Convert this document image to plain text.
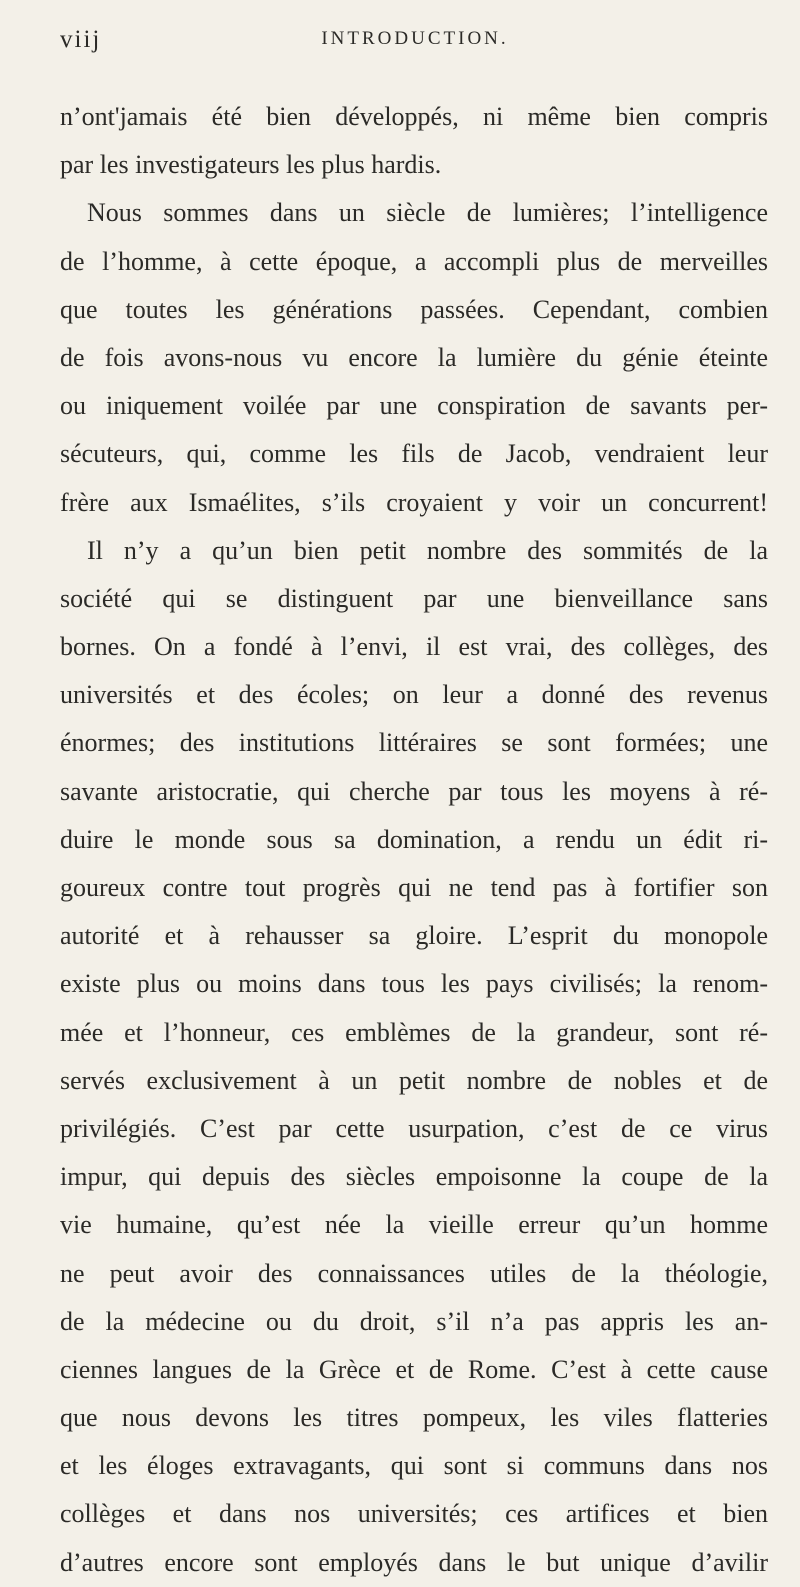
viij	INTRODUCTION.
n’ont'jamais été bien développés, ni même bien compris
par les investigateurs les plus hardis.
Nous sommes dans un siècle de lumières; l’intelligence
de l’homme, à cette époque, a accompli plus de merveilles
que toutes les générations passées. Cependant, combien
de fois avons-nous vu encore la lumière du génie éteinte
ou iniquement voilée par une conspiration de savants per-
sécuteurs, qui, comme les fils de Jacob, vendraient leur
frère aux Ismaélites, s’ils croyaient y voir un concurrent!
Il n’y a qu’un bien petit nombre des sommités de la
société qui se distinguent par une bienveillance sans
bornes. On a fondé à l’envi, il est vrai, des collèges, des
universités et des écoles; on leur a donné des revenus
énormes; des institutions littéraires se sont formées; une
savante aristocratie, qui cherche par tous les moyens à ré-
duire le monde sous sa domination, a rendu un édit ri-
goureux contre tout progrès qui ne tend pas à fortifier son
autorité et à rehausser sa gloire. L’esprit du monopole
existe plus ou moins dans tous les pays civilisés; la renom-
mée et l’honneur, ces emblèmes de la grandeur, sont ré-
servés exclusivement à un petit nombre de nobles et de
privilégiés. C’est par cette usurpation, c’est de ce virus
impur, qui depuis des siècles empoisonne la coupe de la
vie humaine, qu’est née la vieille erreur qu’un homme
ne peut avoir des connaissances utiles de la théologie,
de la médecine ou du droit, s’il n’a pas appris les an-
ciennes langues de la Grèce et de Rome. C’est à cette cause
que nous devons les titres pompeux, les viles flatteries
et les éloges extravagants, qui sont si communs dans nos
collèges et dans nos universités; ces artifices et bien
d’autres encore sont employés dans le but unique d’avilir
